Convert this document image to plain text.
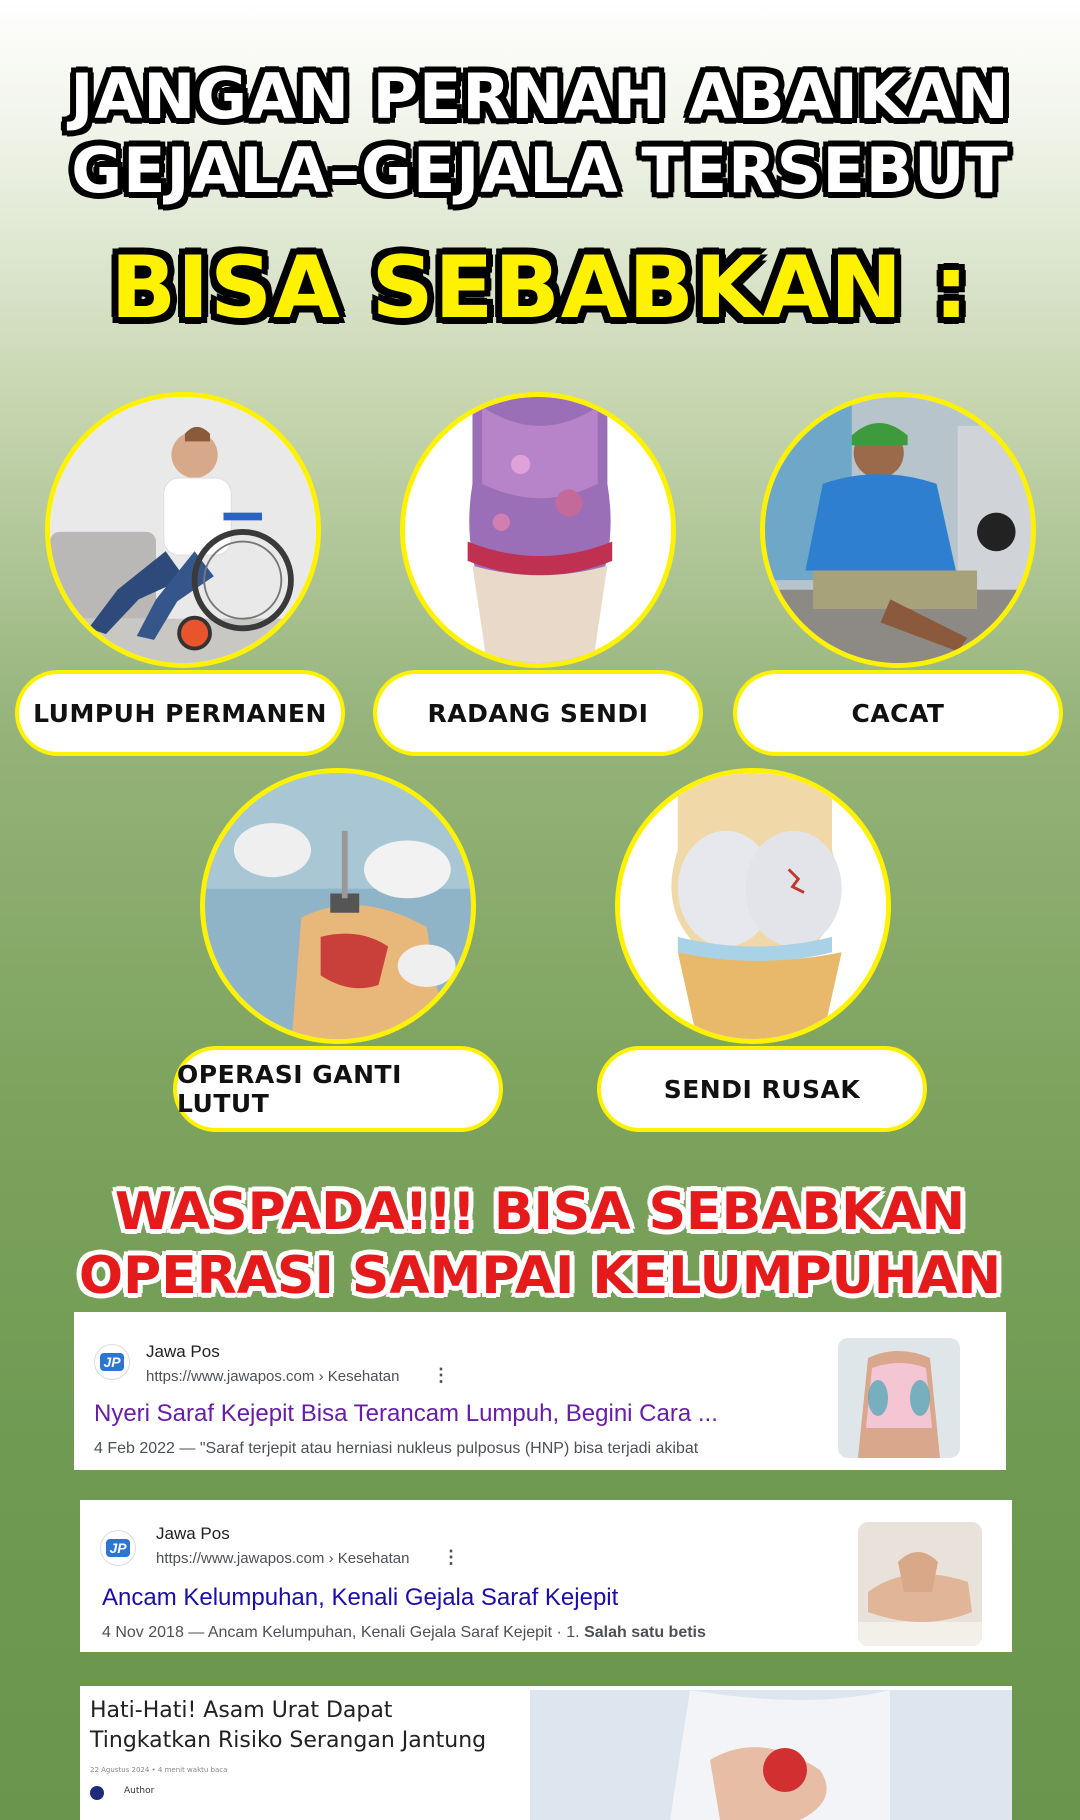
JANGAN PERNAH ABAIKAN
GEJALA–GEJALA TERSEBUT
BISA SEBABKAN :
LUMPUH PERMANEN	RADANG SENDI	CACAT
OPERASI GANTI LUTUT	SENDI RUSAK
WASPADA!!! BISA SEBABKAN
OPERASI SAMPAI KELUMPUHAN
JP
Jawa Pos
https://www.jawapos.com › Kesehatan ⋮
Nyeri Saraf Kejepit Bisa Terancam Lumpuh, Begini Cara ...
4 Feb 2022 — "Saraf terjepit atau herniasi nukleus pulposus (HNP) bisa terjadi akibat
JP
Jawa Pos
https://www.jawapos.com › Kesehatan ⋮
Ancam Kelumpuhan, Kenali Gejala Saraf Kejepit
4 Nov 2018 — Ancam Kelumpuhan, Kenali Gejala Saraf Kejepit · 1. Salah satu betis
Hati-Hati! Asam Urat Dapat
Tingkatkan Risiko Serangan Jantung
22 Agustus 2024 • 4 menit waktu baca
Author
